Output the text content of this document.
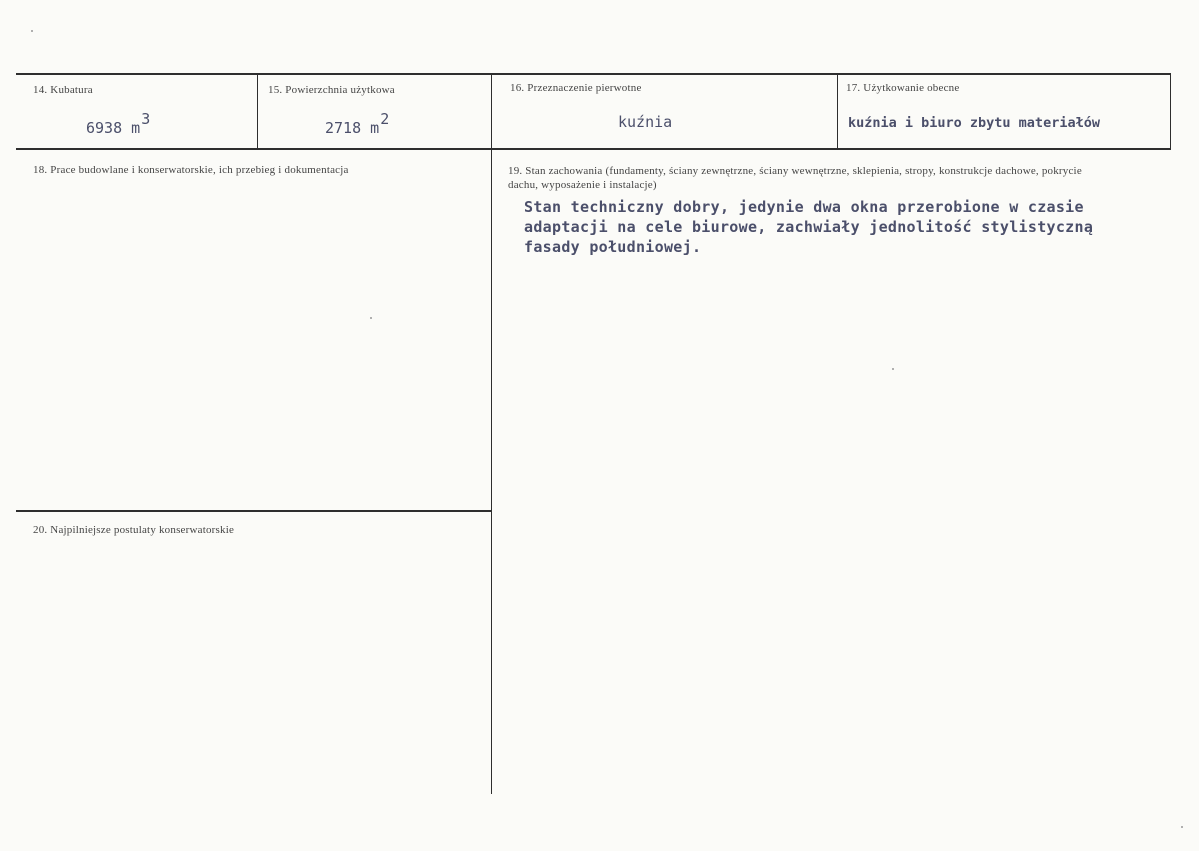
14. Kubatura
6938 $m^3$
15. Powierzchnia użytkowa
2718 $m^2$
16. Przeznaczenie pierwotne
kuźnia
17. Użytkowanie obecne
kuźnia i biuro zbytu materiałów
18. Prace budowlane i konserwatorskie, ich przebieg i dokumentacja	19. Stan zachowania (fundamenty, ściany zewnętrzne, ściany wewnętrzne, sklepienia, stropy, konstrukcje dachowe, pokrycie dachu, wyposażenie i instalacje)
Stan techniczny dobry, jedynie dwa okna przerobione w czasie adaptacji na cele biurowe, zachwiały jednolitość stylistyczną fasady południowej.
20. Najpilniejsze postulaty konserwatorskie
